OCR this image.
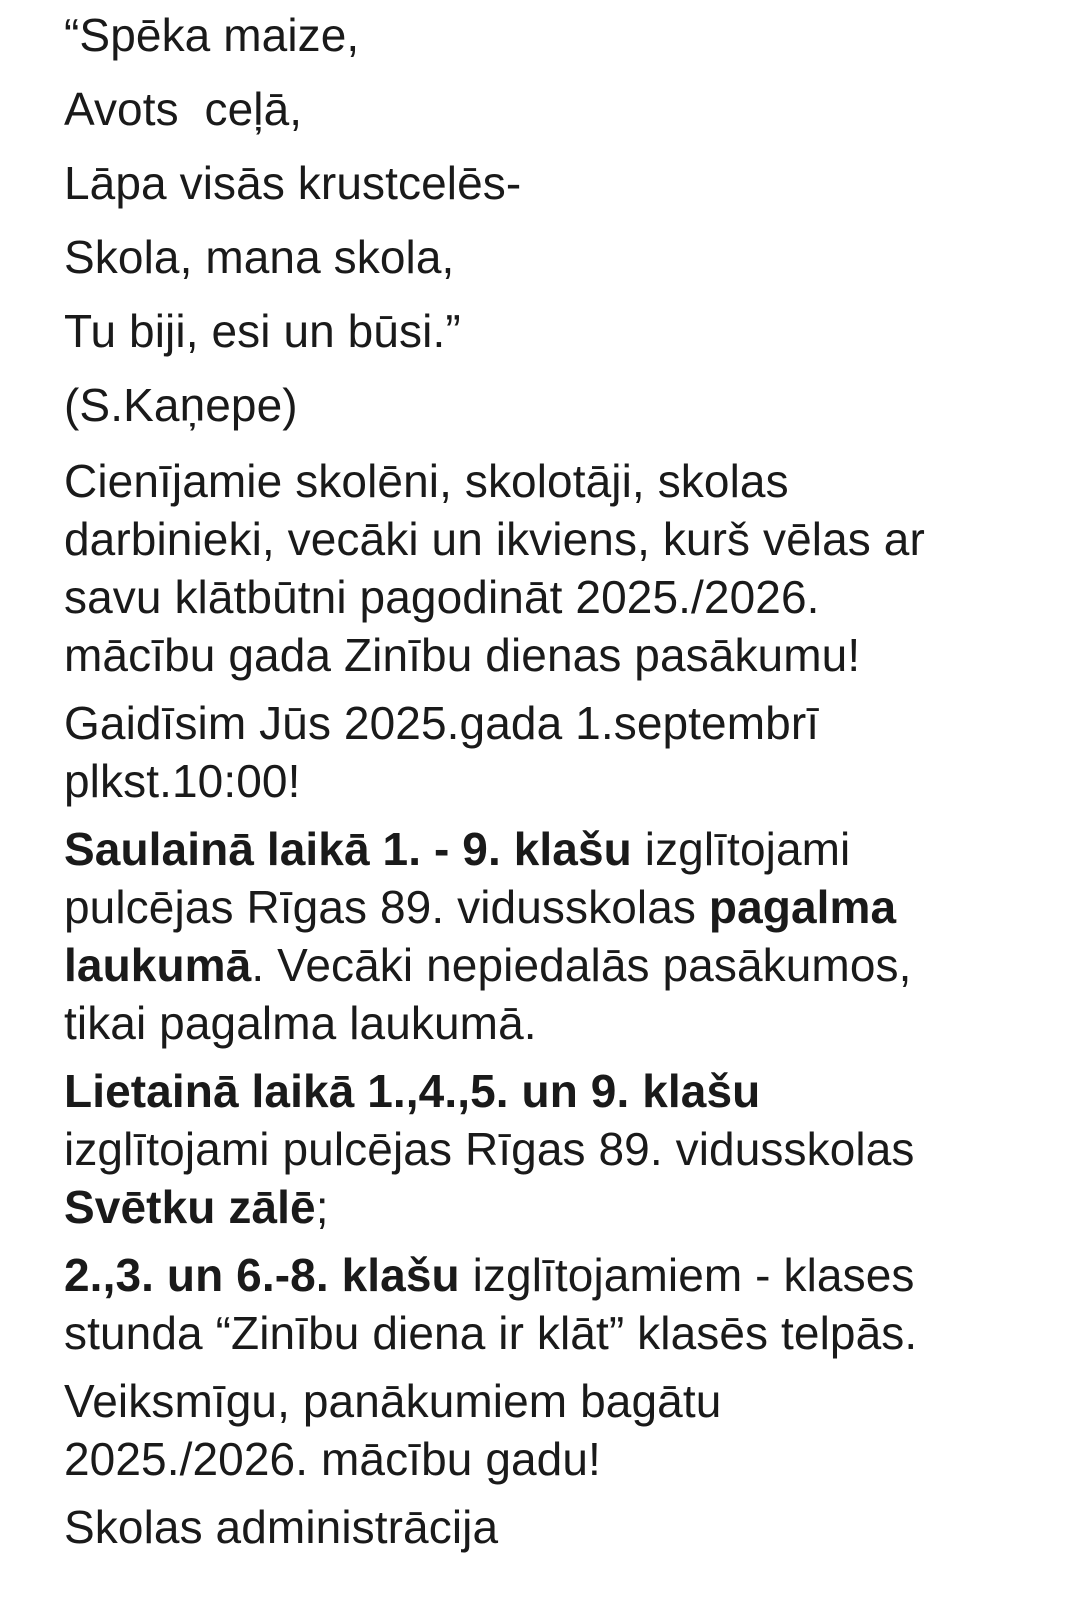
“Spēka maize,
Avots  ceļā,
Lāpa visās krustcelēs-
Skola, mana skola,
Tu biji, esi un būsi.”
(S.Kaņepe)
Cienījamie skolēni, skolotāji, skolas
darbinieki, vecāki un ikviens, kurš vēlas ar
savu klātbūtni pagodināt 2025./2026.
mācību gada Zinību dienas pasākumu!
Gaidīsim Jūs 2025.gada 1.septembrī
plkst.10:00!
Saulainā laikā 1. - 9. klašu izglītojami
pulcējas Rīgas 89. vidusskolas pagalma
laukumā. Vecāki nepiedalās pasākumos,
tikai pagalma laukumā.
Lietainā laikā 1.,4.,5. un 9. klašu
izglītojami pulcējas Rīgas 89. vidusskolas
Svētku zālē;
2.,3. un 6.-8. klašu izglītojamiem - klases
stunda “Zinību diena ir klāt” klasēs telpās.
Veiksmīgu, panākumiem bagātu
2025./2026. mācību gadu!
Skolas administrācija
